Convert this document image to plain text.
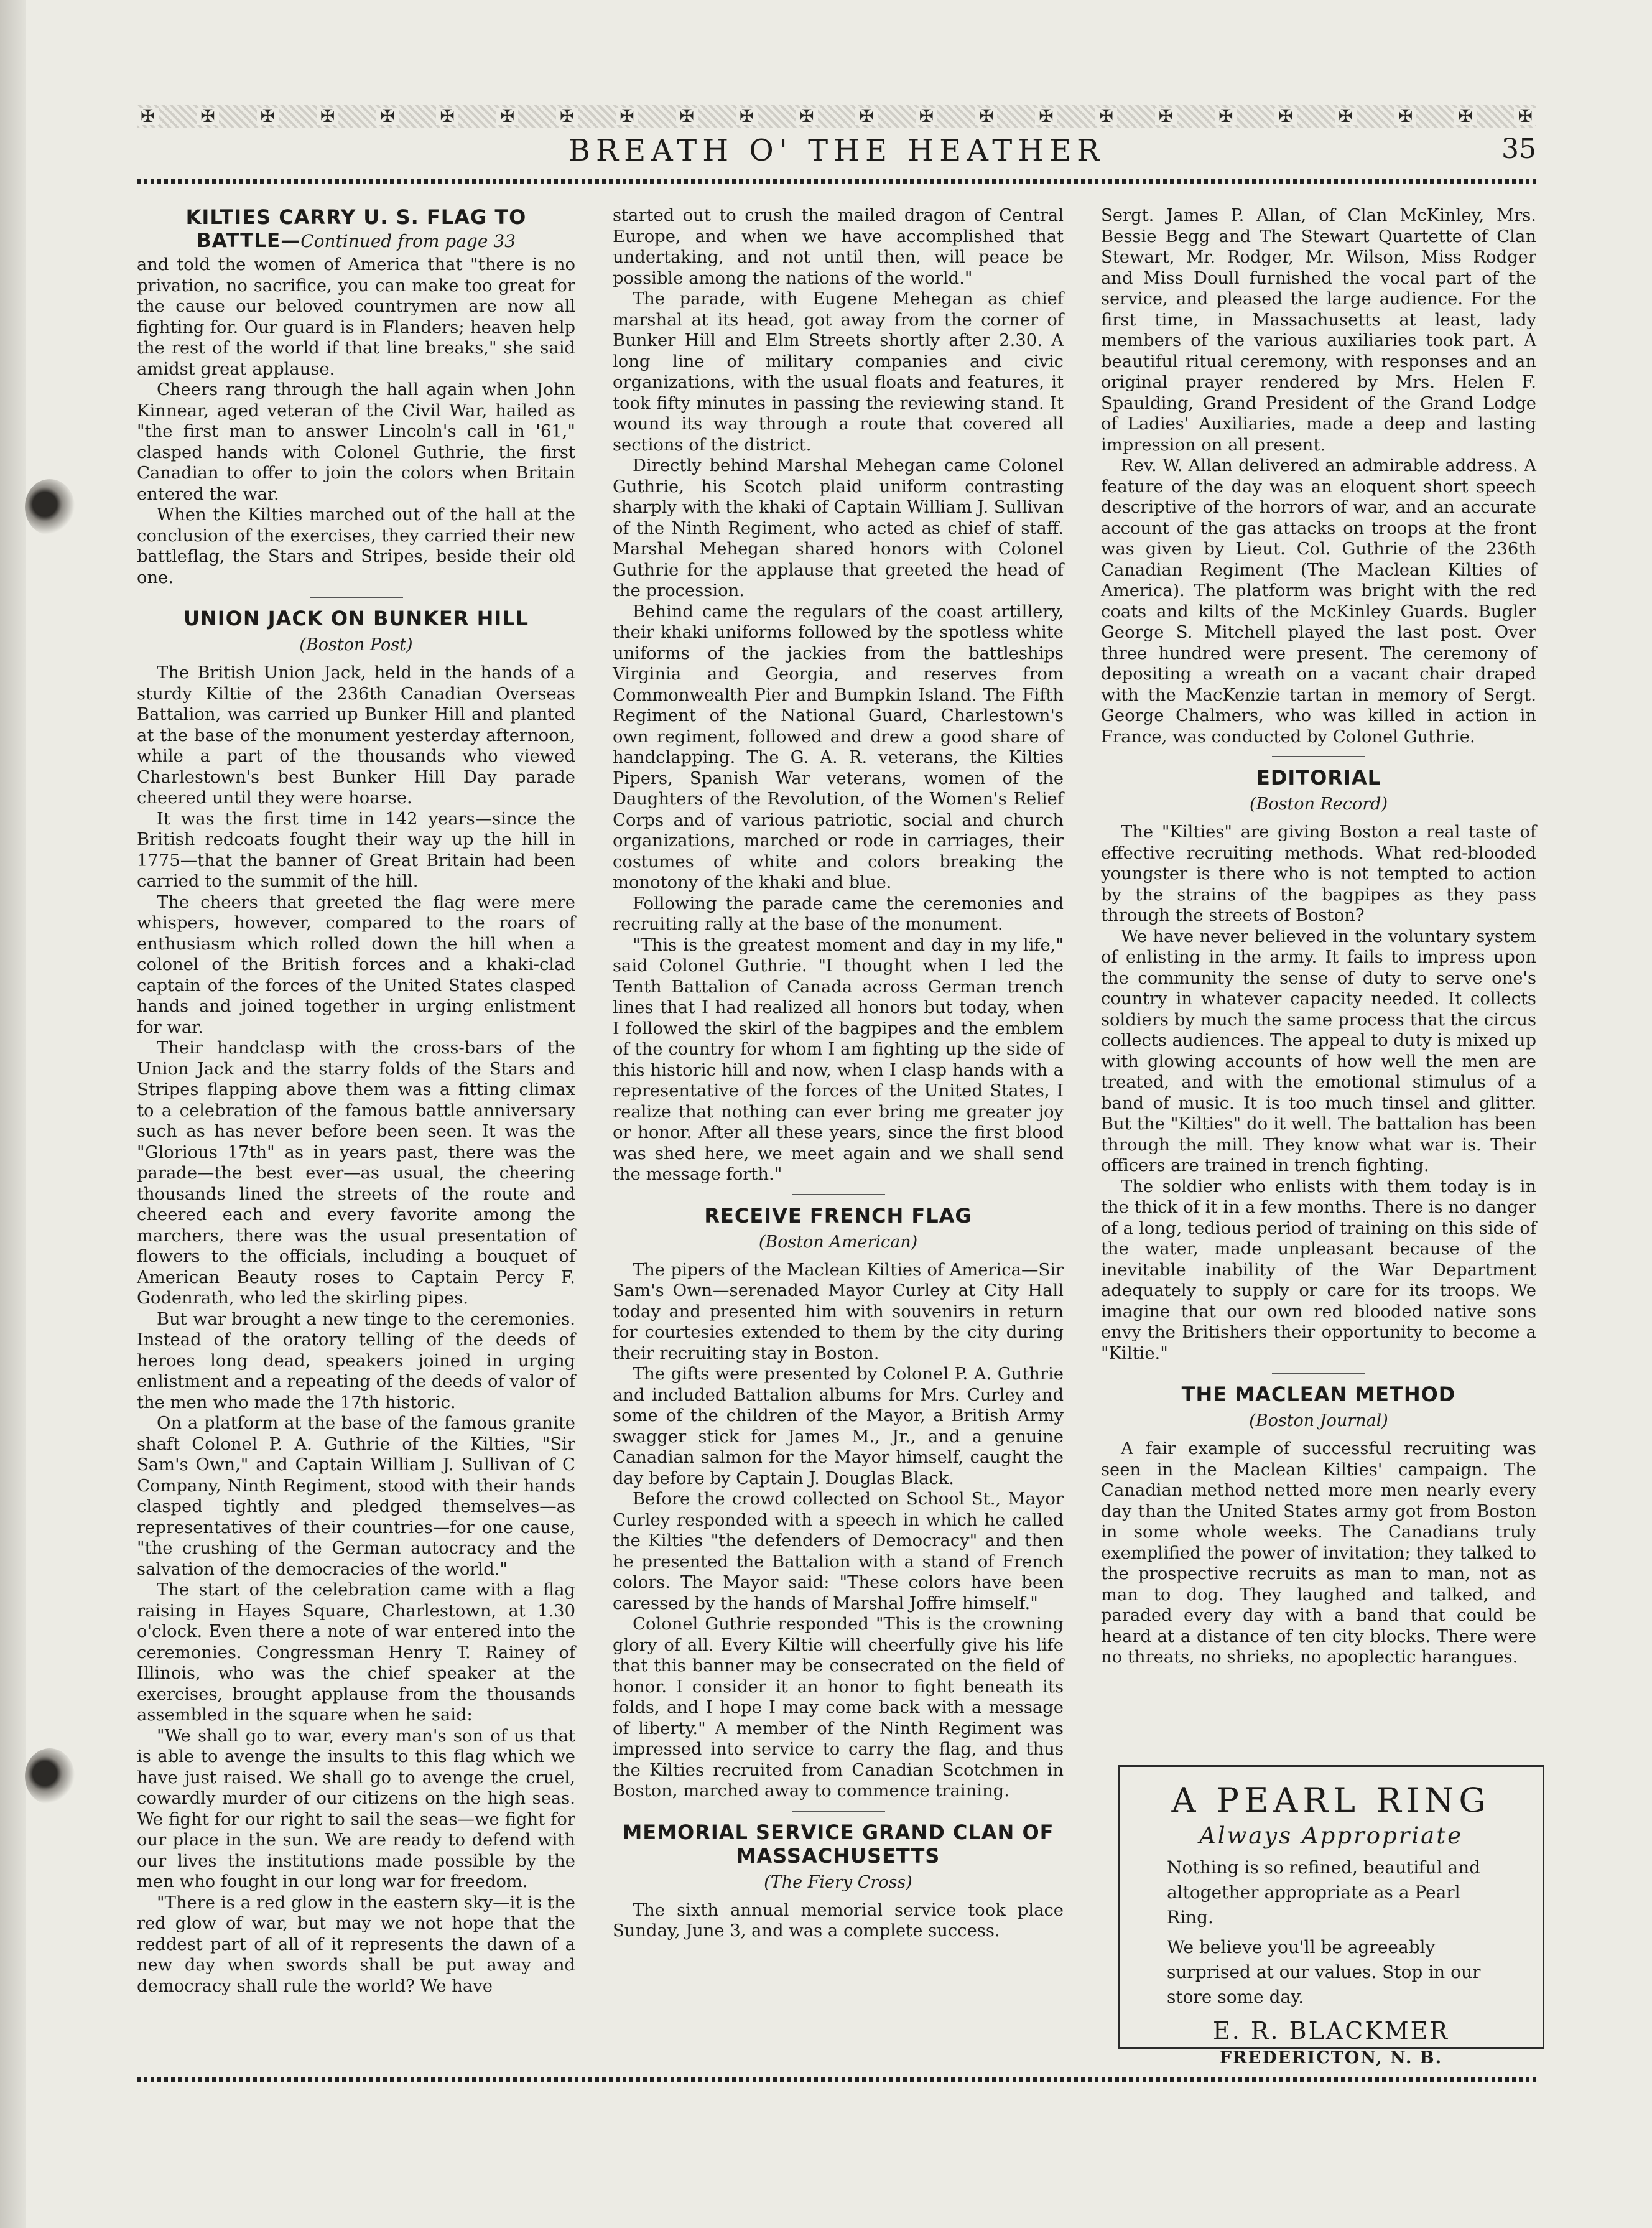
✠	✠	✠	✠	✠	✠	✠	✠	✠	✠	✠	✠	✠	✠	✠	✠	✠	✠	✠	✠	✠	✠	✠	✠
BREATH O' THE HEATHER	35
KILTIES CARRY U. S. FLAG TO
BATTLE—Continued from page 33

and told the women of America that "there is no privation, no sacrifice, you can make too great for the cause our beloved countrymen are now all fighting for. Our guard is in Flanders; heaven help the rest of the world if that line breaks," she said amidst great applause.

Cheers rang through the hall again when John Kinnear, aged veteran of the Civil War, hailed as "the first man to answer Lincoln's call in '61," clasped hands with Colonel Guthrie, the first Canadian to offer to join the colors when Britain entered the war.

When the Kilties marched out of the hall at the conclusion of the exercises, they carried their new battleflag, the Stars and Stripes, beside their old one.

UNION JACK ON BUNKER HILL
(Boston Post)

The British Union Jack, held in the hands of a sturdy Kiltie of the 236th Canadian Overseas Battalion, was carried up Bunker Hill and planted at the base of the monument yesterday afternoon, while a part of the thousands who viewed Charlestown's best Bunker Hill Day parade cheered until they were hoarse.

It was the first time in 142 years—since the British redcoats fought their way up the hill in 1775—that the banner of Great Britain had been carried to the summit of the hill.

The cheers that greeted the flag were mere whispers, however, compared to the roars of enthusiasm which rolled down the hill when a colonel of the British forces and a khaki-clad captain of the forces of the United States clasped hands and joined together in urging enlistment for war.

Their handclasp with the cross-bars of the Union Jack and the starry folds of the Stars and Stripes flapping above them was a fitting climax to a celebration of the famous battle anniversary such as has never before been seen. It was the "Glorious 17th" as in years past, there was the parade—the best ever—as usual, the cheering thousands lined the streets of the route and cheered each and every favorite among the marchers, there was the usual presentation of flowers to the officials, including a bouquet of American Beauty roses to Captain Percy F. Godenrath, who led the skirling pipes.

But war brought a new tinge to the ceremonies. Instead of the oratory telling of the deeds of heroes long dead, speakers joined in urging enlistment and a repeating of the deeds of valor of the men who made the 17th historic.

On a platform at the base of the famous granite shaft Colonel P. A. Guthrie of the Kilties, "Sir Sam's Own," and Captain William J. Sullivan of C Company, Ninth Regiment, stood with their hands clasped tightly and pledged themselves—as representatives of their countries—for one cause, "the crushing of the German autocracy and the salvation of the democracies of the world."

The start of the celebration came with a flag raising in Hayes Square, Charlestown, at 1.30 o'clock. Even there a note of war entered into the ceremonies. Congressman Henry T. Rainey of Illinois, who was the chief speaker at the exercises, brought applause from the thousands assembled in the square when he said:

"We shall go to war, every man's son of us that is able to avenge the insults to this flag which we have just raised. We shall go to avenge the cruel, cowardly murder of our citizens on the high seas. We fight for our right to sail the seas—we fight for our place in the sun. We are ready to defend with our lives the institutions made possible by the men who fought in our long war for freedom.

"There is a red glow in the eastern sky—it is the red glow of war, but may we not hope that the reddest part of all of it represents the dawn of a new day when swords shall be put away and democracy shall rule the world? We have

started out to crush the mailed dragon of Central Europe, and when we have accomplished that undertaking, and not until then, will peace be possible among the nations of the world."

The parade, with Eugene Mehegan as chief marshal at its head, got away from the corner of Bunker Hill and Elm Streets shortly after 2.30. A long line of military companies and civic organizations, with the usual floats and features, it took fifty minutes in passing the reviewing stand. It wound its way through a route that covered all sections of the district.

Directly behind Marshal Mehegan came Colonel Guthrie, his Scotch plaid uniform contrasting sharply with the khaki of Captain William J. Sullivan of the Ninth Regiment, who acted as chief of staff. Marshal Mehegan shared honors with Colonel Guthrie for the applause that greeted the head of the procession.

Behind came the regulars of the coast artillery, their khaki uniforms followed by the spotless white uniforms of the jackies from the battleships Virginia and Georgia, and reserves from Commonwealth Pier and Bumpkin Island. The Fifth Regiment of the National Guard, Charlestown's own regiment, followed and drew a good share of handclapping. The G. A. R. veterans, the Kilties Pipers, Spanish War veterans, women of the Daughters of the Revolution, of the Women's Relief Corps and of various patriotic, social and church organizations, marched or rode in carriages, their costumes of white and colors breaking the monotony of the khaki and blue.

Following the parade came the ceremonies and recruiting rally at the base of the monument.

"This is the greatest moment and day in my life," said Colonel Guthrie. "I thought when I led the Tenth Battalion of Canada across German trench lines that I had realized all honors but today, when I followed the skirl of the bagpipes and the emblem of the country for whom I am fighting up the side of this historic hill and now, when I clasp hands with a representative of the forces of the United States, I realize that nothing can ever bring me greater joy or honor. After all these years, since the first blood was shed here, we meet again and we shall send the message forth."

RECEIVE FRENCH FLAG
(Boston American)

The pipers of the Maclean Kilties of America—Sir Sam's Own—serenaded Mayor Curley at City Hall today and presented him with souvenirs in return for courtesies extended to them by the city during their recruiting stay in Boston.

The gifts were presented by Colonel P. A. Guthrie and included Battalion albums for Mrs. Curley and some of the children of the Mayor, a British Army swagger stick for James M., Jr., and a genuine Canadian salmon for the Mayor himself, caught the day before by Captain J. Douglas Black.

Before the crowd collected on School St., Mayor Curley responded with a speech in which he called the Kilties "the defenders of Democracy" and then he presented the Battalion with a stand of French colors. The Mayor said: "These colors have been caressed by the hands of Marshal Joffre himself."

Colonel Guthrie responded "This is the crowning glory of all. Every Kiltie will cheerfully give his life that this banner may be consecrated on the field of honor. I consider it an honor to fight beneath its folds, and I hope I may come back with a message of liberty." A member of the Ninth Regiment was impressed into service to carry the flag, and thus the Kilties recruited from Canadian Scotchmen in Boston, marched away to commence training.

MEMORIAL SERVICE GRAND CLAN OF MASSACHUSETTS
(The Fiery Cross)

The sixth annual memorial service took place Sunday, June 3, and was a complete success.

Sergt. James P. Allan, of Clan McKinley, Mrs. Bessie Begg and The Stewart Quartette of Clan Stewart, Mr. Rodger, Mr. Wilson, Miss Rodger and Miss Doull furnished the vocal part of the service, and pleased the large audience. For the first time, in Massachusetts at least, lady members of the various auxiliaries took part. A beautiful ritual ceremony, with responses and an original prayer rendered by Mrs. Helen F. Spaulding, Grand President of the Grand Lodge of Ladies' Auxiliaries, made a deep and lasting impression on all present.

Rev. W. Allan delivered an admirable address. A feature of the day was an eloquent short speech descriptive of the horrors of war, and an accurate account of the gas attacks on troops at the front was given by Lieut. Col. Guthrie of the 236th Canadian Regiment (The Maclean Kilties of America). The platform was bright with the red coats and kilts of the McKinley Guards. Bugler George S. Mitchell played the last post. Over three hundred were present. The ceremony of depositing a wreath on a vacant chair draped with the MacKenzie tartan in memory of Sergt. George Chalmers, who was killed in action in France, was conducted by Colonel Guthrie.

EDITORIAL
(Boston Record)

The "Kilties" are giving Boston a real taste of effective recruiting methods. What red-blooded youngster is there who is not tempted to action by the strains of the bagpipes as they pass through the streets of Boston?

We have never believed in the voluntary system of enlisting in the army. It fails to impress upon the community the sense of duty to serve one's country in whatever capacity needed. It collects soldiers by much the same process that the circus collects audiences. The appeal to duty is mixed up with glowing accounts of how well the men are treated, and with the emotional stimulus of a band of music. It is too much tinsel and glitter. But the "Kilties" do it well. The battalion has been through the mill. They know what war is. Their officers are trained in trench fighting.

The soldier who enlists with them today is in the thick of it in a few months. There is no danger of a long, tedious period of training on this side of the water, made unpleasant because of the inevitable inability of the War Department adequately to supply or care for its troops. We imagine that our own red blooded native sons envy the Britishers their opportunity to become a "Kiltie."

THE MACLEAN METHOD
(Boston Journal)

A fair example of successful recruiting was seen in the Maclean Kilties' campaign. The Canadian method netted more men nearly every day than the United States army got from Boston in some whole weeks. The Canadians truly exemplified the power of invitation; they talked to the prospective recruits as man to man, not as man to dog. They laughed and talked, and paraded every day with a band that could be heard at a distance of ten city blocks. There were no threats, no shrieks, no apoplectic harangues.

A PEARL RING
Always Appropriate
Nothing is so refined, beautiful and altogether appropriate as a Pearl Ring.
We believe you'll be agreeably surprised at our values. Stop in our store some day.
E. R. BLACKMER
FREDERICTON, N. B.
